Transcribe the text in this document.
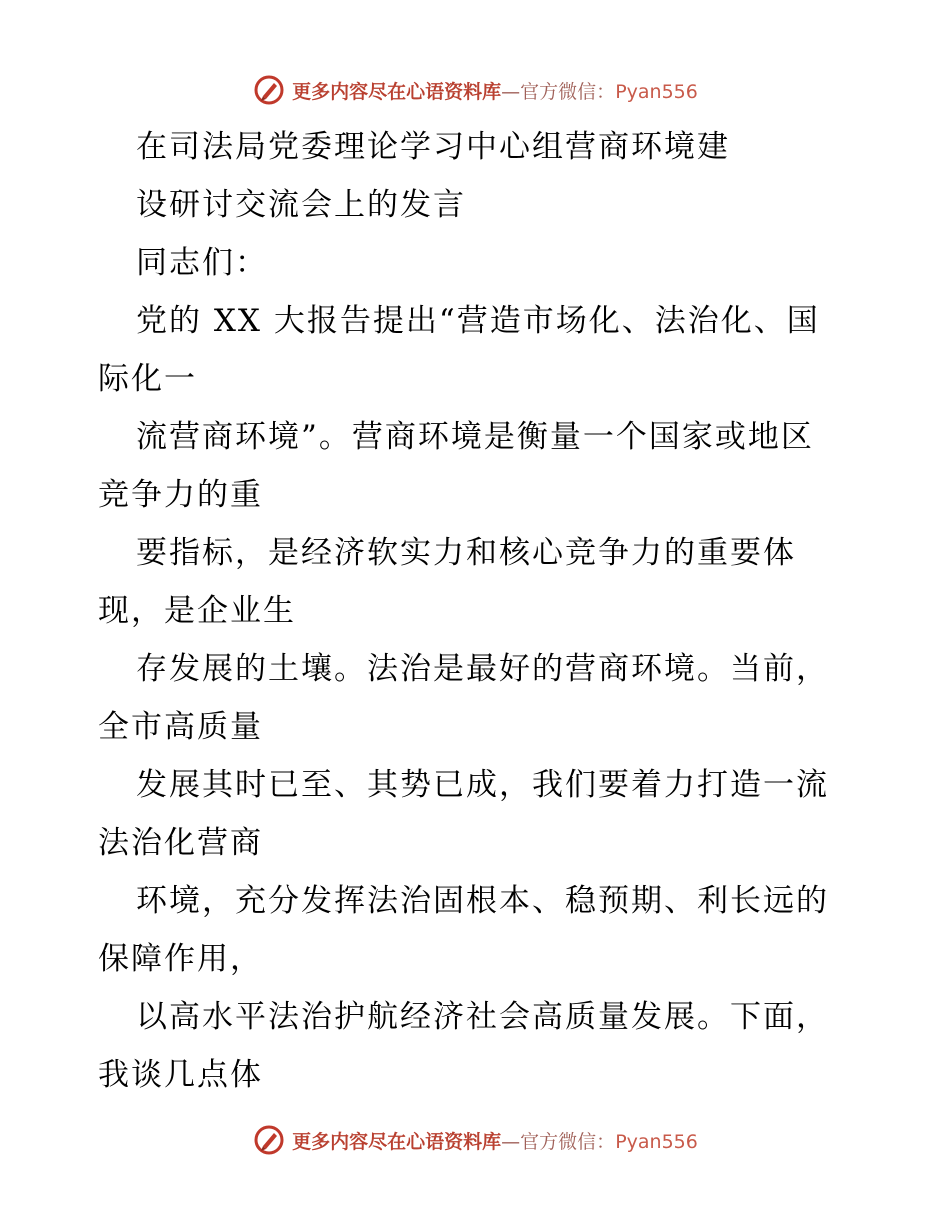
更多内容尽在心语资料库—官方微信：Pyan556
在司法局党委理论学习中心组营商环境建
设研讨交流会上的发言
同志们：
党的 XX 大报告提出“营造市场化、法治化、国
际化一
流营商环境”。营商环境是衡量一个国家或地区
竞争力的重
要指标，是经济软实力和核心竞争力的重要体
现，是企业生
存发展的土壤。法治是最好的营商环境。当前，
全市高质量
发展其时已至、其势已成，我们要着力打造一流
法治化营商
环境，充分发挥法治固根本、稳预期、利长远的
保障作用，
以高水平法治护航经济社会高质量发展。下面，
我谈几点体
更多内容尽在心语资料库—官方微信：Pyan556
